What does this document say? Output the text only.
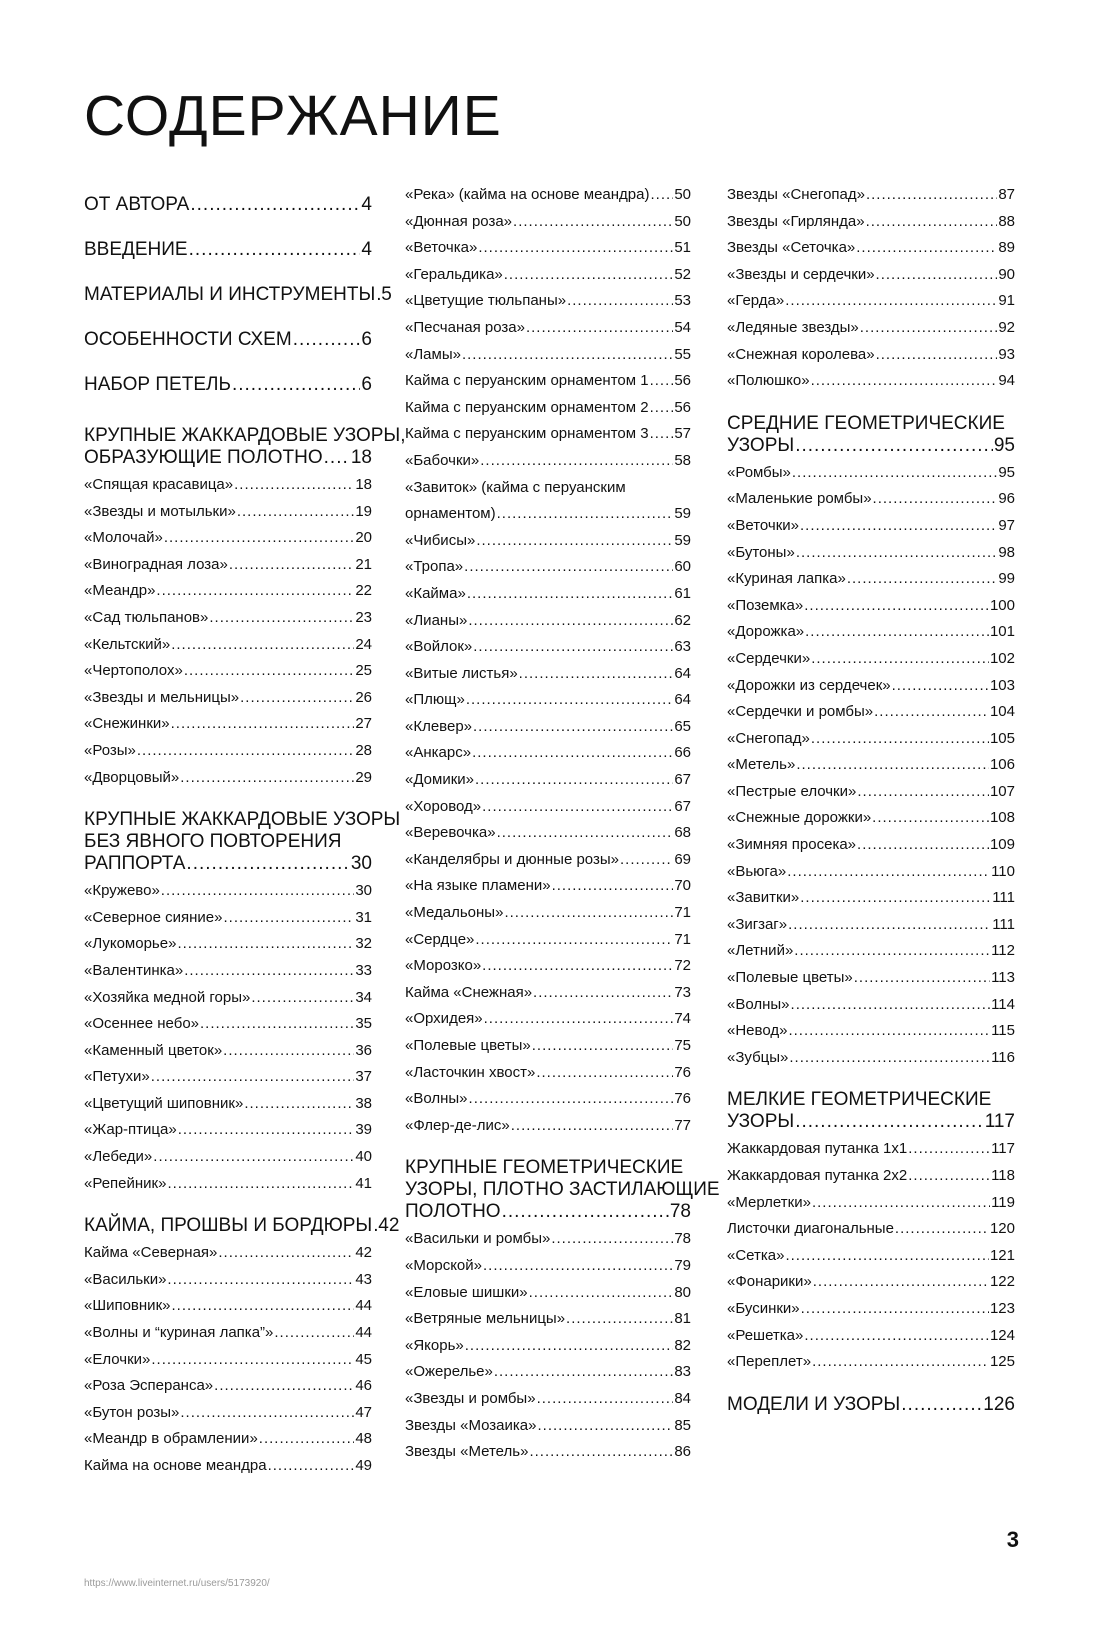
СОДЕРЖАНИЕ
ОТ АВТОРА .....	4
ВВЕДЕНИЕ .....	4
МАТЕРИАЛЫ И ИНСТРУМЕНТЫ ..... 5
ОСОБЕННОСТИ СХЕМ .....	6
НАБОР ПЕТЕЛЬ .....	6
КРУПНЫЕ ЖАККАРДОВЫЕ УЗОРЫ,
ОБРАЗУЮЩИЕ ПОЛОТНО ..... 18
«Спящая красавица» .....	18
«Звезды и мотыльки» .....	19
«Молочай» .....	20
«Виноградная лоза» .....	21
«Меандр» .....	22
«Сад тюльпанов» .....	23
«Кельтский» .....	24
«Чертополох» .....	25
«Звезды и мельницы» .....	26
«Снежинки» .....	27
«Розы» .....	28
«Дворцовый» .....	29
КРУПНЫЕ ЖАККАРДОВЫЕ УЗОРЫ
БЕЗ ЯВНОГО ПОВТОРЕНИЯ
РАППОРТА .....	30
«Кружево» .....	30
«Северное сияние» .....	31
«Лукоморье» .....	32
«Валентинка» .....	33
«Хозяйка медной горы» .....	34
«Осеннее небо» .....	35
«Каменный цветок» .....	36
«Петухи» .....	37
«Цветущий шиповник» .....	38
«Жар-птица» .....	39
«Лебеди» .....	40
«Репейник» .....	41
КАЙМА, ПРОШВЫ И БОРДЮРЫ ..... 42
Кайма «Северная» .....	42
«Васильки» .....	43
«Шиповник» .....	44
«Волны и “куриная лапка”» .....	44
«Елочки» .....	45
«Роза Эсперанса» .....	46
«Бутон розы» .....	47
«Меандр в обрамлении» .....	48
Кайма на основе меандра .....	49
«Река» (кайма на основе меандра) ..... 50
«Дюнная роза» .....	50
«Веточка» .....	51
«Геральдика» .....	52
«Цветущие тюльпаны» .....	53
«Песчаная роза» .....	54
«Ламы» .....	55
Кайма с перуанским орнаментом 1 ..... 56
Кайма с перуанским орнаментом 2 ..... 56
Кайма с перуанским орнаментом 3 ..... 57
«Бабочки» .....	58
«Завиток» (кайма с перуанским
орнаментом) .....	59
«Чибисы» .....	59
«Тропа» .....	60
«Кайма» .....	61
«Лианы» .....	62
«Войлок» .....	63
«Витые листья» .....	64
«Плющ» .....	64
«Клевер» .....	65
«Анкарс» .....	66
«Домики» .....	67
«Хоровод» .....	67
«Веревочка» .....	68
«Канделябры и дюнные розы» .....	69
«На языке пламени» .....	70
«Медальоны» .....	71
«Сердце» .....	71
«Морозко» .....	72
Кайма «Снежная» .....	73
«Орхидея» .....	74
«Полевые цветы» .....	75
«Ласточкин хвост» .....	76
«Волны» .....	76
«Флер-де-лис» .....	77
КРУПНЫЕ ГЕОМЕТРИЧЕСКИЕ
УЗОРЫ, ПЛОТНО ЗАСТИЛАЮЩИЕ
ПОЛОТНО .....	78
«Васильки и ромбы» .....	78
«Морской» .....	79
«Еловые шишки» .....	80
«Ветряные мельницы» .....	81
«Якорь» .....	82
«Ожерелье» .....	83
«Звезды и ромбы» .....	84
Звезды «Мозаика» .....	85
Звезды «Метель» .....	86
Звезды «Снегопад» .....	87
Звезды «Гирлянда» .....	88
Звезды «Сеточка» .....	89
«Звезды и сердечки» .....	90
«Герда» .....	91
«Ледяные звезды» .....	92
«Снежная королева» .....	93
«Полюшко» .....	94
СРЕДНИЕ ГЕОМЕТРИЧЕСКИЕ
УЗОРЫ .....	95
«Ромбы» .....	95
«Маленькие ромбы» .....	96
«Веточки» .....	97
«Бутоны» .....	98
«Куриная лапка» .....	99
«Поземка» .....	100
«Дорожка» .....	101
«Сердечки» .....	102
«Дорожки из сердечек» .....	103
«Сердечки и ромбы» .....	104
«Снегопад» .....	105
«Метель» .....	106
«Пестрые елочки» .....	107
«Снежные дорожки» .....	108
«Зимняя просека» .....	109
«Вьюга» .....	110
«Завитки» .....	111
«Зигзаг» .....	111
«Летний» .....	112
«Полевые цветы» .....	113
«Волны» .....	114
«Невод» .....	115
«Зубцы» .....	116
МЕЛКИЕ ГЕОМЕТРИЧЕСКИЕ
УЗОРЫ .....	117
Жаккардовая путанка 1х1 .....	117
Жаккардовая путанка 2х2 .....	118
«Мерлетки» .....	119
Листочки диагональные .....	120
«Сетка» .....	121
«Фонарики» .....	122
«Бусинки» .....	123
«Решетка» .....	124
«Переплет» .....	125
МОДЕЛИ И УЗОРЫ .....	126
3
https://www.liveinternet.ru/users/5173920/
